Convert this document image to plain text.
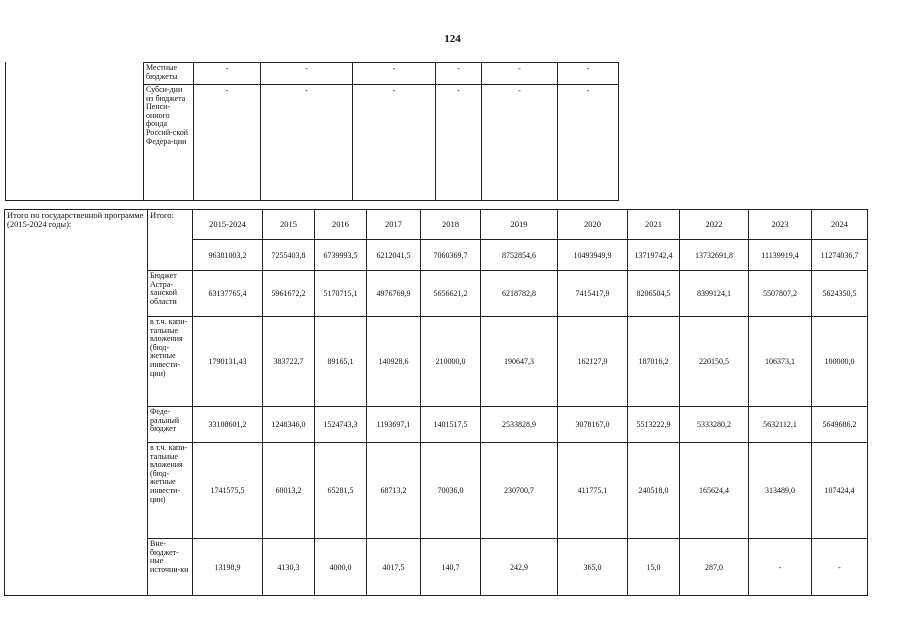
124
Местные бюджеты	-	-	-	-	-	-
Субси-дии из бюджета Пенси-онного фонда Россий-ской Федера-ции	-	-	-	-	-	-
Итого по государственной программе (2015-2024 годы):	Итого:	2015-2024	2015	2016	2017	2018	2019	2020	2021	2022	2023	2024
		96381003,2	7255403,8	6739993,5	6212041,5	7060369,7	8752854,6	10493949,9	13719742,4	13732691,8	11139919,4	11274036,7
	Бюджет Астра-ханской области	63137765,4	5961672,2	5170715,1	4976769,9	5656621,2	6218782,8	7415417,9	8206504,5	8399124,1	5507807,2	5624350,5
	в т.ч. капи-тальные вложения (бюд-жетные инвести-ции)	1790131,43	383722,7	89165,1	140928,6	210000,0	190647,3	162127,9	187016,2	220150,5	106373,1	100000,0
	Феде-ральный бюджет	33108601,2	1248346,0	1524743,3	1193697,1	1401517,5	2533828,9	3078167,0	5513222,9	5333280,2	5632112,1	5649686,2
	в т.ч. капи-тальные вложения (бюд-жетные инвести-ции)	1741575,5	68013,2	65281,5	68713,2	70036,0	230700,7	411775,1	240518,0	165624,4	313489,0	107424,4
	Вне-бюджет-ные источни-ки	13198,9	4130,3	4000,0	4017,5	140,7	242,9	365,0	15,0	287,0	-	-
